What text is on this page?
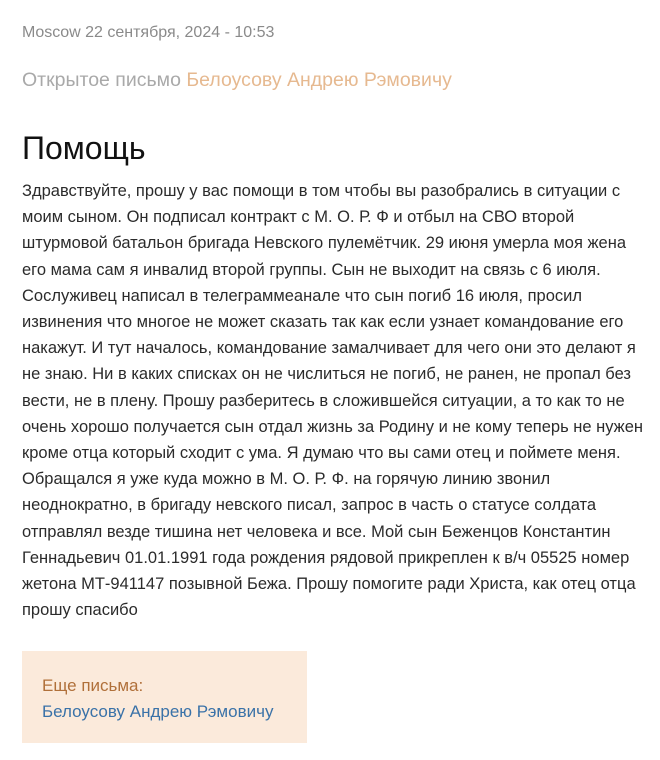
Moscow 22 сентября, 2024 - 10:53
Открытое письмо Белоусову Андрею Рэмовичу
Помощь

Здравствуйте, прошу у вас помощи в том чтобы вы разобрались в ситуации с моим сыном. Он подписал контракт с М. О. Р. Ф и отбыл на СВО второй штурмовой батальон бригада Невского пулемётчик. 29 июня умерла моя жена его мама сам я инвалид второй группы. Сын не выходит на связь с 6 июля. Сослуживец написал в телеграммеанале что сын погиб 16 июля, просил извинения что многое не может сказать так как если узнает командование его накажут. И тут началось, командование замалчивает для чего они это делают я не знаю. Ни в каких списках он не числиться не погиб, не ранен, не пропал без вести, не в плену. Прошу разберитесь в сложившейся ситуации, а то как то не очень хорошо получается сын отдал жизнь за Родину и не кому теперь не нужен кроме отца который сходит с ума. Я думаю что вы сами отец и поймете меня. Обращался я уже куда можно в М. О. Р. Ф. на горячую линию звонил неоднократно, в бригаду невского писал, запрос в часть о статусе солдата отправлял везде тишина нет человека и все. Мой сын Беженцов Константин Геннадьевич 01.01.1991 года рождения рядовой прикреплен к в/ч 05525 номер жетона МТ-941147 позывной Бежа. Прошу помогите ради Христа, как отец отца прошу спасибо

Еще письма:
Белоусову Андрею Рэмовичу
